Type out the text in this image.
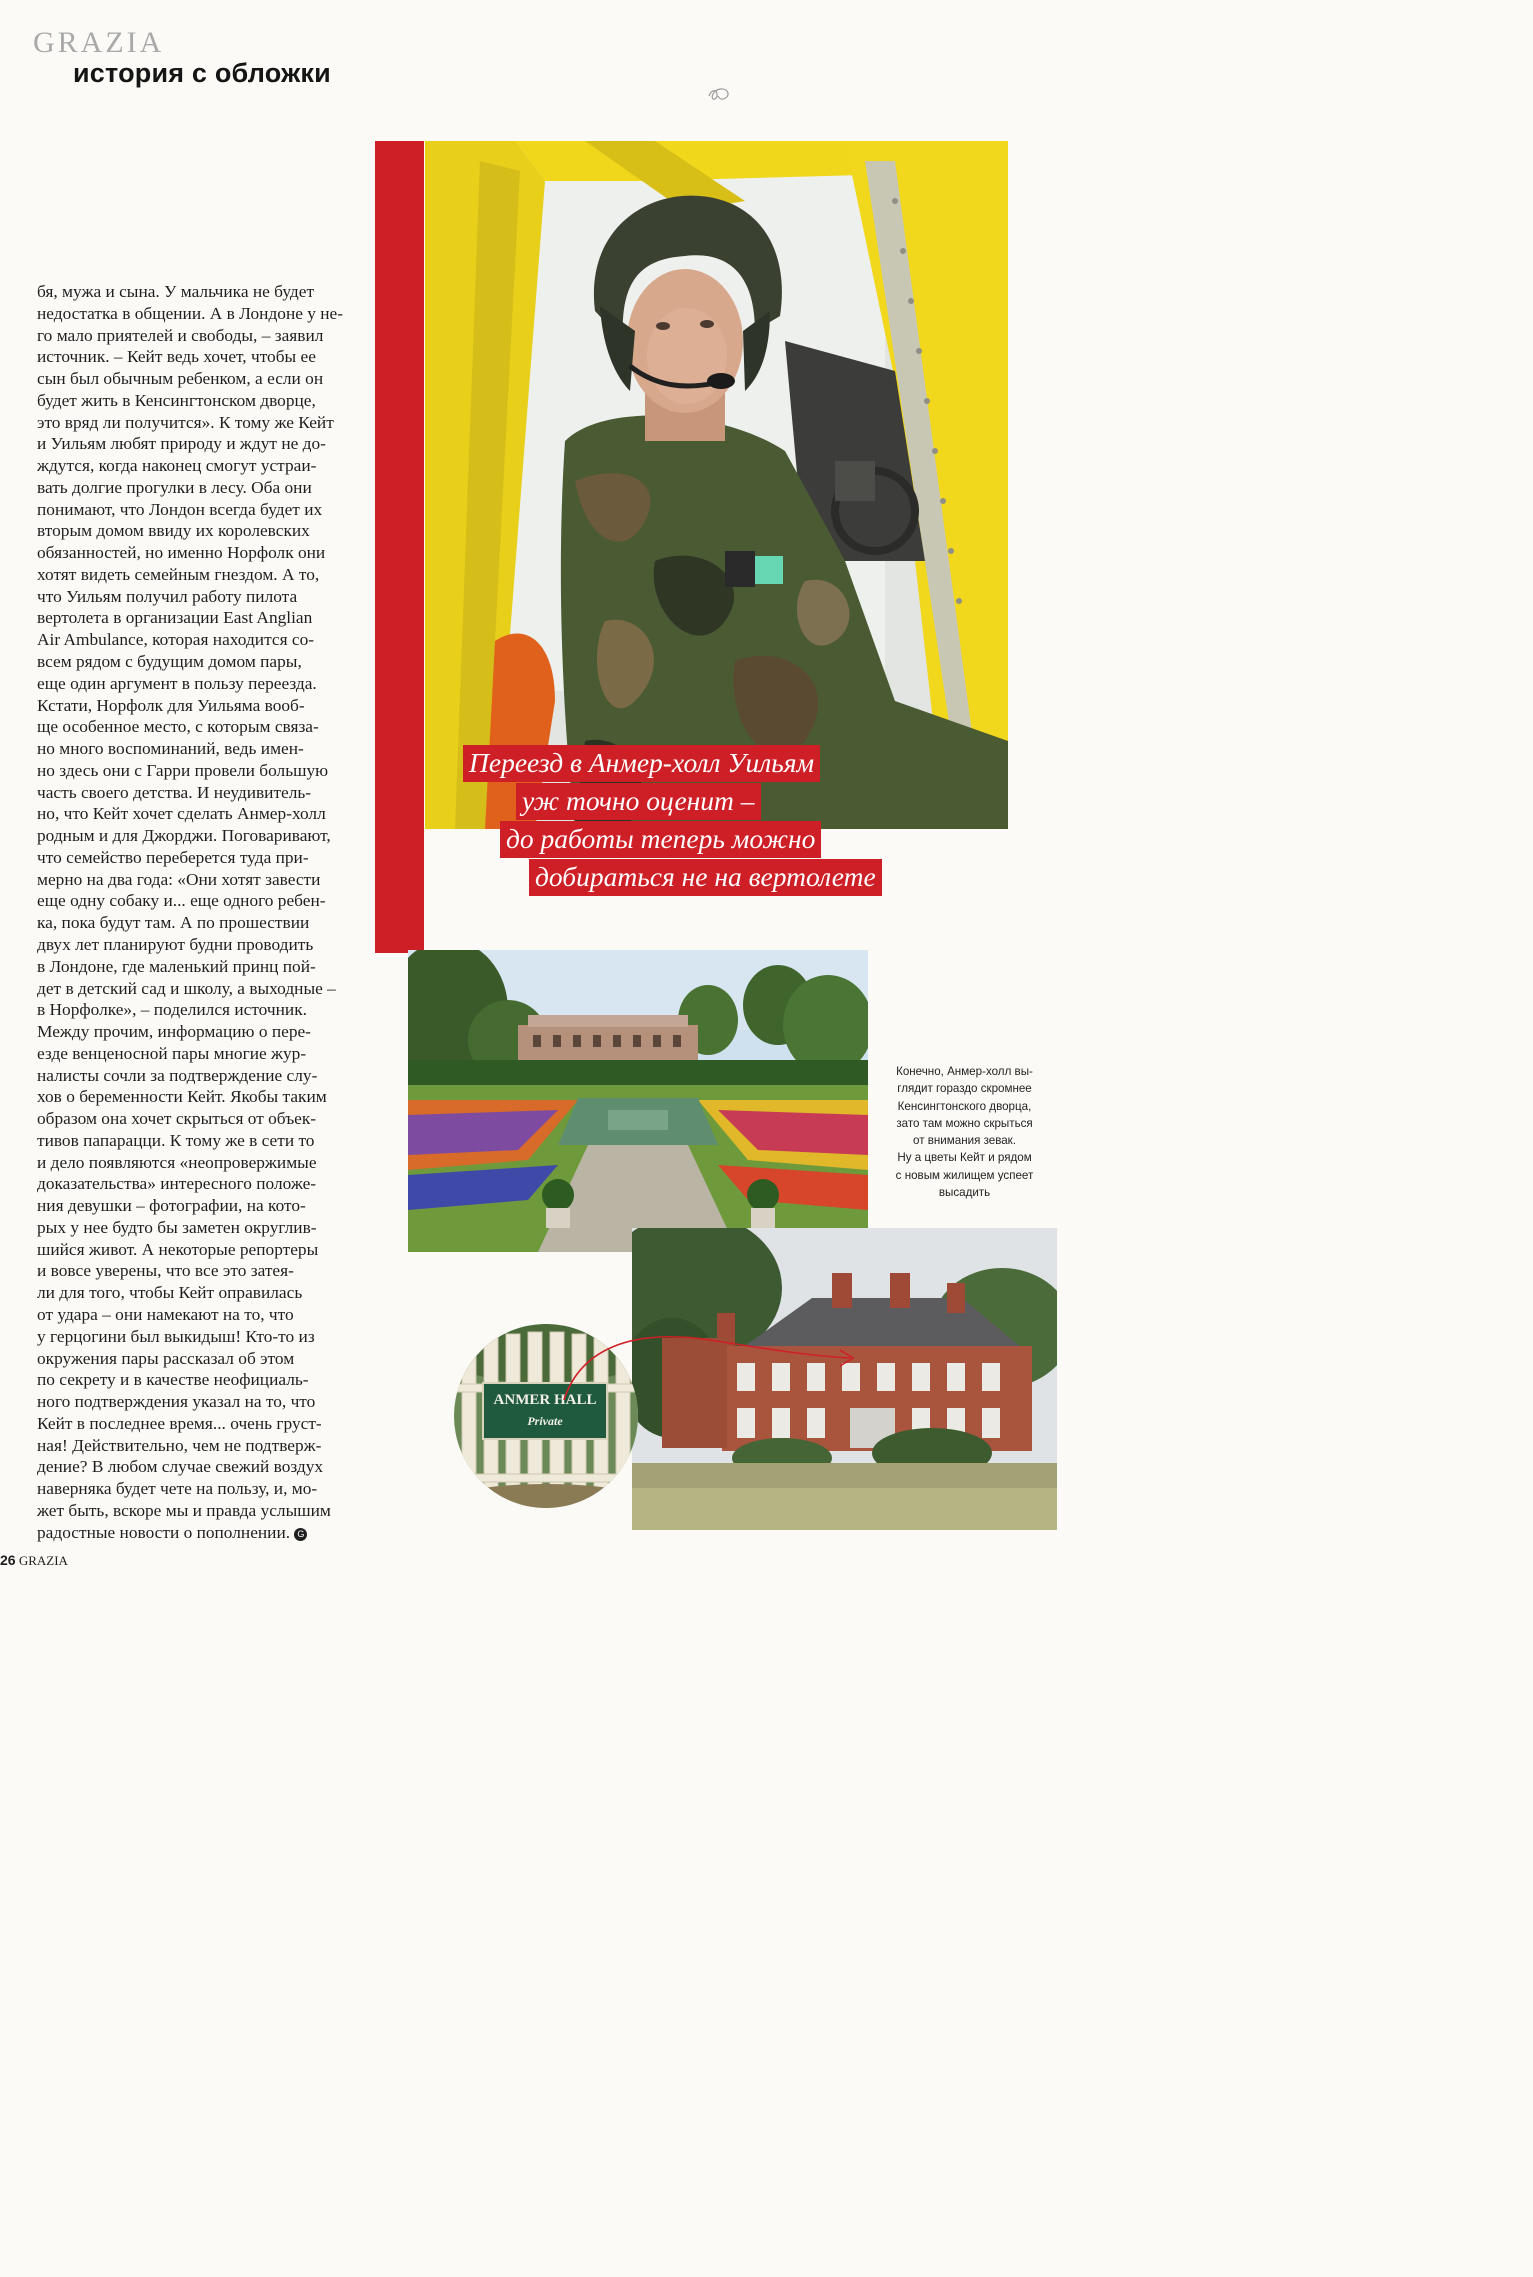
GRAZIA
история с обложки
Переезд в Анмер-холл Уильям
уж точно оценит –
до работы теперь можно
добираться не на вертолете
Конечно, Анмер-холл вы-
глядит гораздо скромнее
Кенсингтонского дворца,
зато там можно скрыться
от внимания зевак.
Ну а цветы Кейт и рядом
с новым жилищем успеет
высадить
ANMER HALL
Private
бя, мужа и сына. У мальчика не будет
недостатка в общении. А в Лондоне у не-
го мало приятелей и свободы, – заявил
источник. – Кейт ведь хочет, чтобы ее
сын был обычным ребенком, а если он
будет жить в Кенсингтонском дворце,
это вряд ли получится». К тому же Кейт
и Уильям любят природу и ждут не до-
ждутся, когда наконец смогут устраи-
вать долгие прогулки в лесу. Оба они
понимают, что Лондон всегда будет их
вторым домом ввиду их королевских
обязанностей, но именно Норфолк они
хотят видеть семейным гнездом. А то,
что Уильям получил работу пилота
вертолета в организации East Anglian
Air Ambulance, которая находится со-
всем рядом с будущим домом пары,
еще один аргумент в пользу переезда.
Кстати, Норфолк для Уильяма вооб-
ще особенное место, с которым связа-
но много воспоминаний, ведь имен-
но здесь они с Гарри провели большую
часть своего детства. И неудивитель-
но, что Кейт хочет сделать Анмер-холл
родным и для Джорджи. Поговаривают,
что семейство переберется туда при-
мерно на два года: «Они хотят завести
еще одну собаку и... еще одного ребен-
ка, пока будут там. А по прошествии
двух лет планируют будни проводить
в Лондоне, где маленький принц пой-
дет в детский сад и школу, а выходные –
в Норфолке», – поделился источник.
Между прочим, информацию о пере-
езде венценосной пары многие жур-
налисты сочли за подтверждение слу-
хов о беременности Кейт. Якобы таким
образом она хочет скрыться от объек-
тивов папарацци. К тому же в сети то
и дело появляются «неопровержимые
доказательства» интересного положе-
ния девушки – фотографии, на кото-
рых у нее будто бы заметен округлив-
шийся живот. А некоторые репортеры
и вовсе уверены, что все это затея-
ли для того, чтобы Кейт оправилась
от удара – они намекают на то, что
у герцогини был выкидыш! Кто-то из
окружения пары рассказал об этом
по секрету и в качестве неофициаль-
ного подтверждения указал на то, что
Кейт в последнее время... очень груст-
ная! Действительно, чем не подтверж-
дение? В любом случае свежий воздух
наверняка будет чете на пользу, и, мо-
жет быть, вскоре мы и правда услышим
радостные новости о пополнении. G
26 GRAZIA
